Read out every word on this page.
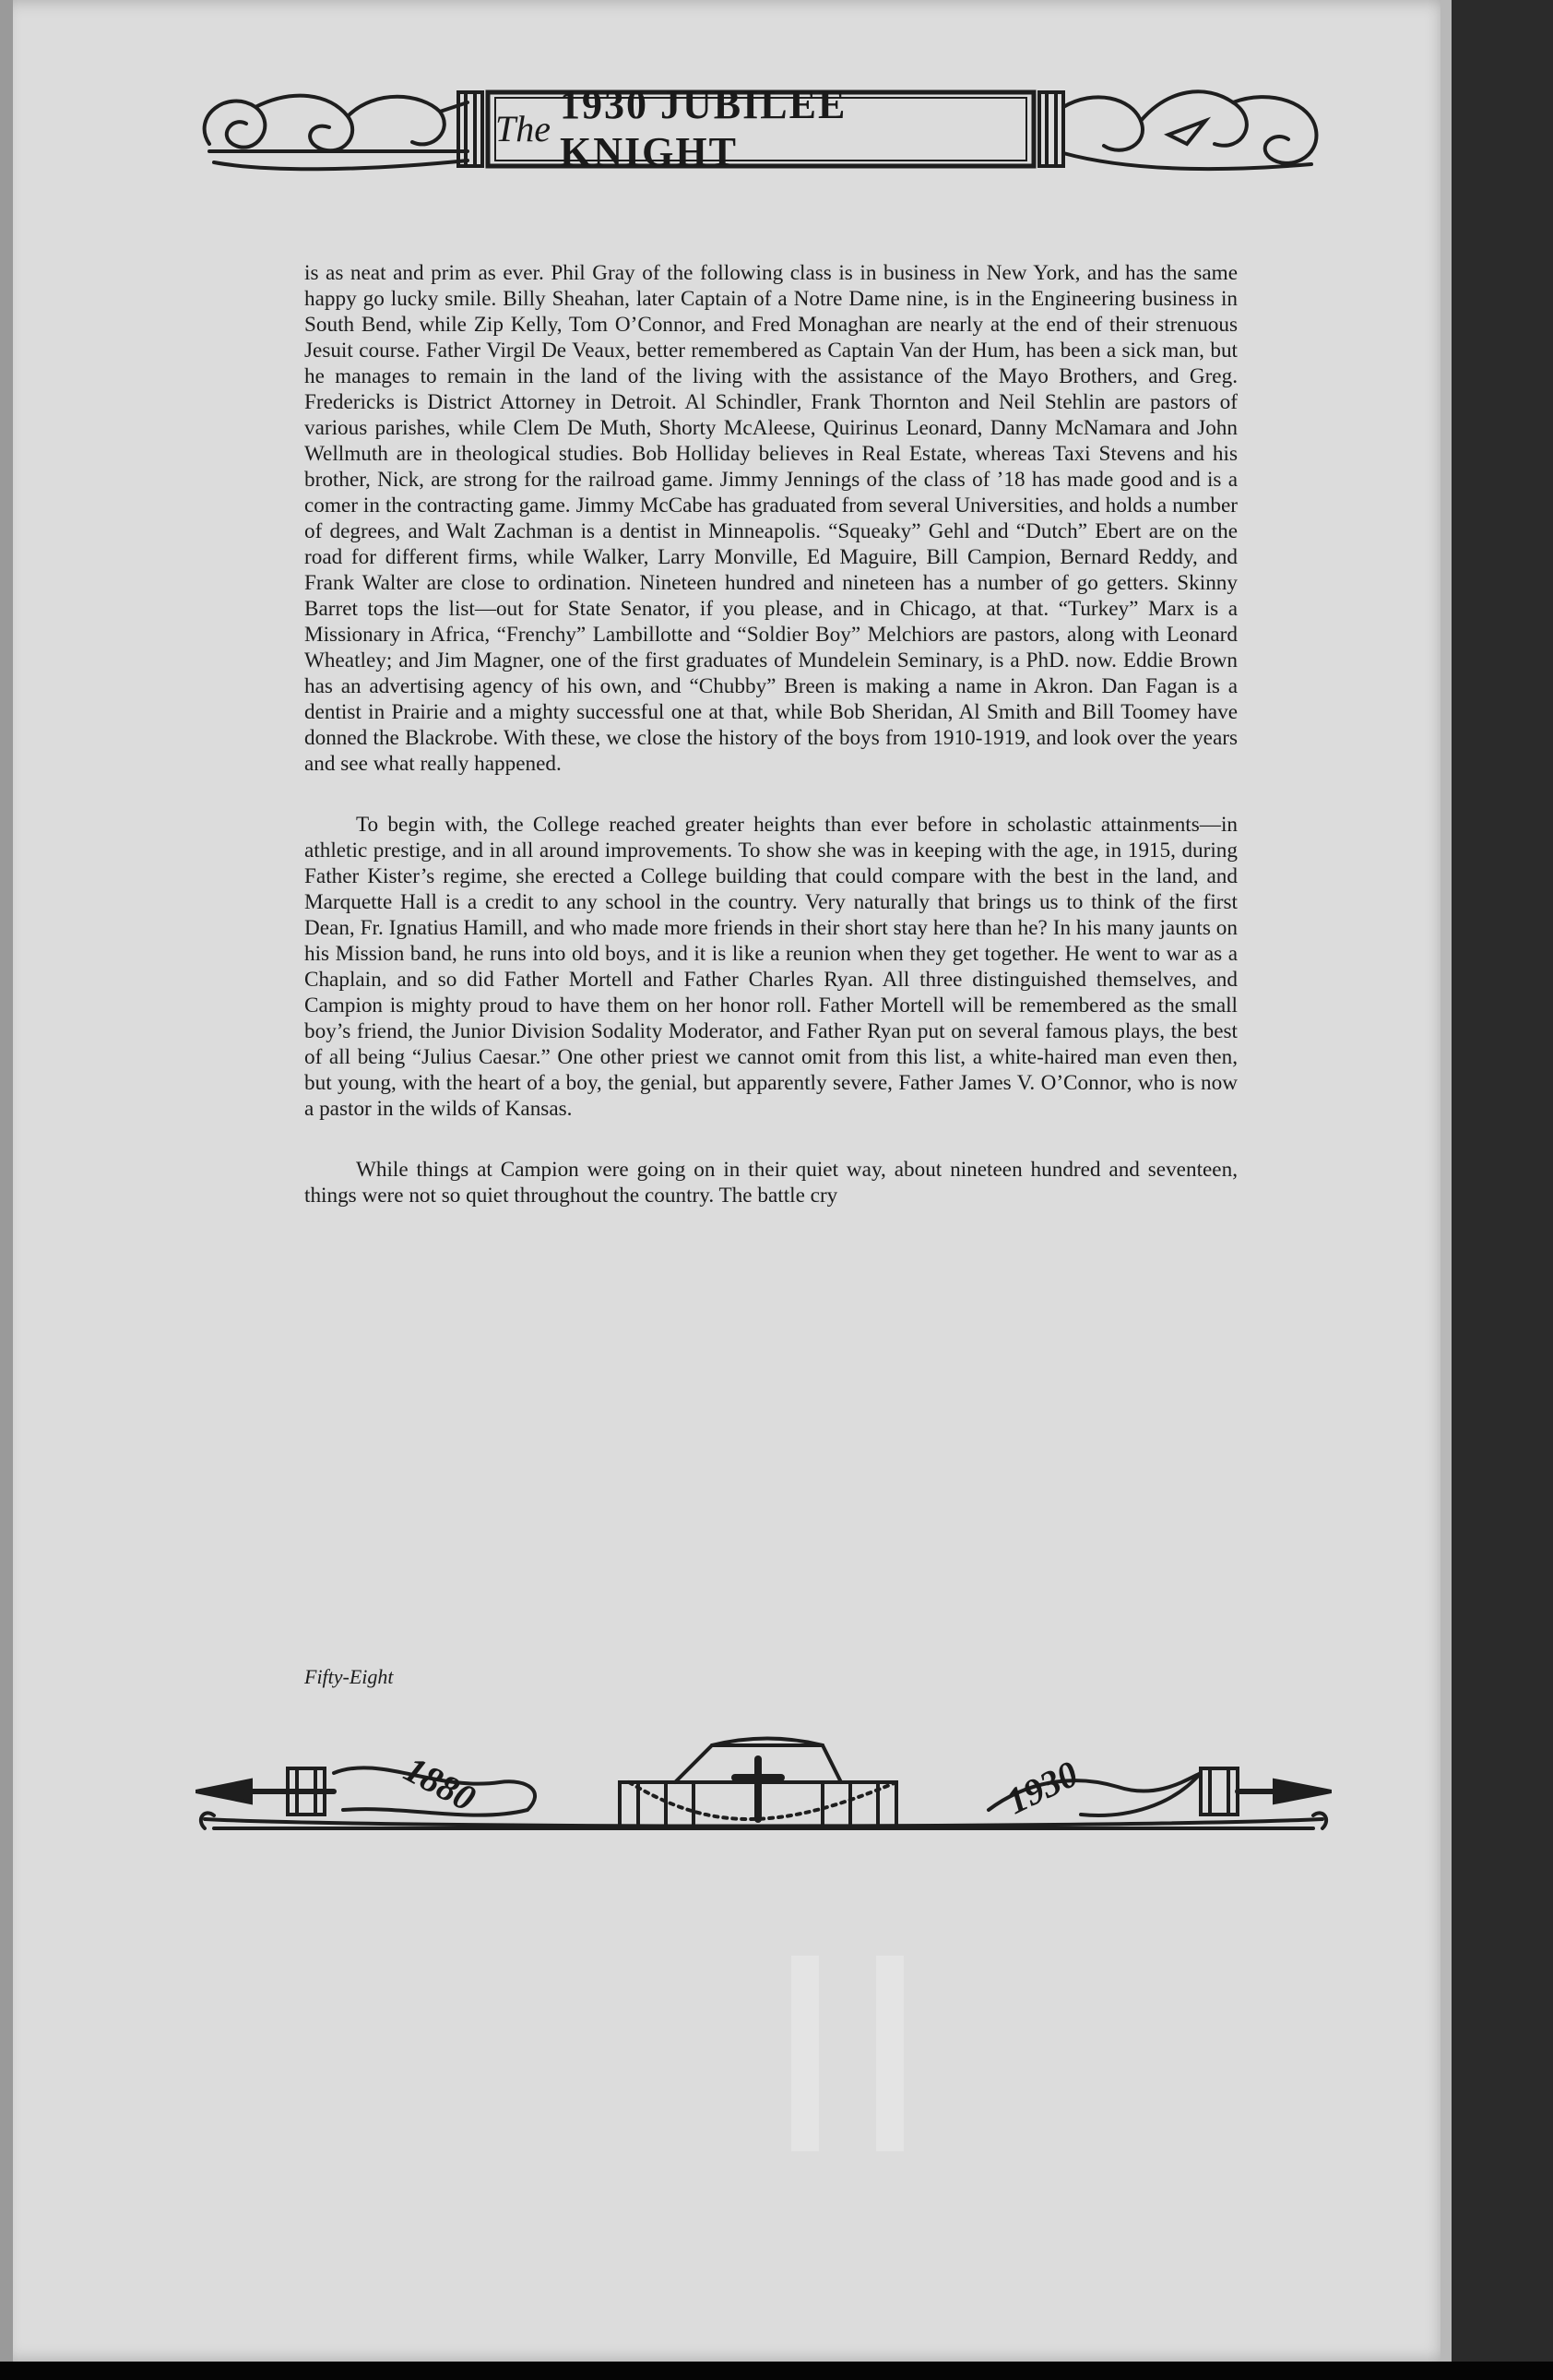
The
1930 JUBILEE KNIGHT

is as neat and prim as ever. Phil Gray of the following class is in business in New York, and has the same happy go lucky smile. Billy Sheahan, later Captain of a Notre Dame nine, is in the Engineering business in South Bend, while Zip Kelly, Tom O’Connor, and Fred Monaghan are nearly at the end of their strenuous Jesuit course. Father Virgil De Veaux, better remembered as Captain Van der Hum, has been a sick man, but he manages to remain in the land of the living with the assistance of the Mayo Brothers, and Greg. Fredericks is District Attorney in Detroit. Al Schindler, Frank Thornton and Neil Stehlin are pastors of various parishes, while Clem De Muth, Shorty McAleese, Quirinus Leonard, Danny McNamara and John Wellmuth are in theological studies. Bob Holliday believes in Real Estate, whereas Taxi Stevens and his brother, Nick, are strong for the railroad game. Jimmy Jennings of the class of ’18 has made good and is a comer in the contracting game. Jimmy McCabe has graduated from several Universities, and holds a number of degrees, and Walt Zachman is a dentist in Minneapolis. “Squeaky” Gehl and “Dutch” Ebert are on the road for different firms, while Walker, Larry Monville, Ed Maguire, Bill Campion, Bernard Reddy, and Frank Walter are close to ordination. Nineteen hundred and nineteen has a number of go getters. Skinny Barret tops the list—out for State Senator, if you please, and in Chicago, at that. “Turkey” Marx is a Missionary in Africa, “Frenchy” Lambillotte and “Soldier Boy” Melchiors are pastors, along with Leonard Wheatley; and Jim Magner, one of the first graduates of Mundelein Seminary, is a PhD. now. Eddie Brown has an advertising agency of his own, and “Chubby” Breen is making a name in Akron. Dan Fagan is a dentist in Prairie and a mighty successful one at that, while Bob Sheridan, Al Smith and Bill Toomey have donned the Blackrobe. With these, we close the history of the boys from 1910-1919, and look over the years and see what really happened.

To begin with, the College reached greater heights than ever before in scholastic attainments—in athletic prestige, and in all around improvements. To show she was in keeping with the age, in 1915, during Father Kister’s regime, she erected a College building that could compare with the best in the land, and Marquette Hall is a credit to any school in the country. Very naturally that brings us to think of the first Dean, Fr. Ignatius Hamill, and who made more friends in their short stay here than he? In his many jaunts on his Mission band, he runs into old boys, and it is like a reunion when they get together. He went to war as a Chaplain, and so did Father Mortell and Father Charles Ryan. All three distinguished themselves, and Campion is mighty proud to have them on her honor roll. Father Mortell will be remembered as the small boy’s friend, the Junior Division Sodality Moderator, and Father Ryan put on several famous plays, the best of all being “Julius Caesar.” One other priest we cannot omit from this list, a white-haired man even then, but young, with the heart of a boy, the genial, but apparently severe, Father James V. O’Connor, who is now a pastor in the wilds of Kansas.

While things at Campion were going on in their quiet way, about nineteen hundred and seventeen, things were not so quiet throughout the country. The battle cry

Fifty-Eight
1880	1930
